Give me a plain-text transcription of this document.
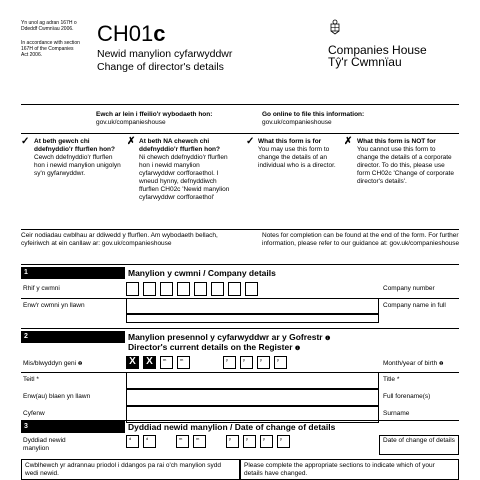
Yn unol ag adran 167H o Ddeddf Cwmnïau 2006.
In accordance with section 167H of the Companies Act 2006.
CH01c
Newid manylion cyfarwyddwr
Change of director's details
Companies House
Tŷ'r Cwmnïau
Ewch ar lein i ffeilio'r wybodaeth hon:
gov.uk/companieshouse
Go online to file this information:
gov.uk/companieshouse
✓ At beth gewch chi ddefnyddio'r ffurflen hon?
Cewch ddefnyddio'r ffurflen hon i newid manylion unigolyn sy'n gyfarwyddwr.
✗ At beth NA chewch chi ddefnyddio'r ffurflen hon?
Ni chewch ddefnyddio'r ffurflen hon i newid manylion cyfarwyddwr corfforaethol. I wneud hynny, defnyddiwch ffurflen CH02c 'Newid manylion cyfarwyddwr corfforaethol'
✓ What this form is for
You may use this form to change the details of an individual who is a director.
✗ What this form is NOT for
You cannot use this form to change the details of a corporate director. To do this, please use form CH02c 'Change of corporate director's details'.
Ceir nodiadau cwblhau ar ddiwedd y ffurflen. Am wybodaeth bellach, cyfeiriwch at ein canllaw ar: gov.uk/companieshouse
Notes for completion can be found at the end of the form. For further information, please refer to our guidance at: gov.uk/companieshouse
1	Manylion y cwmni / Company details
Rhif y cwmni	Company number
Enw'r cwmni yn llawn	Company name in full
2	Manylion presennol y cyfarwyddwr ar y Gofrestr ❶
Director's current details on the Register ❶
Mis/blwyddyn geni ❷	X	X	m	m	y	y	y	y
Month/year of birth ❷
Teitl *	Title *
Enw(au) blaen yn llawn	Full forename(s)
Cyfenw	Surname
3	Dyddiad newid manylion / Date of change of details
Dyddiad newid manylion
d	d	m	m	y	y	y	y	Date of change of details
Cwblhewch yr adrannau priodol i ddangos pa rai o'ch manylion sydd wedi newid.
Please complete the appropriate sections to indicate which of your details have changed.
